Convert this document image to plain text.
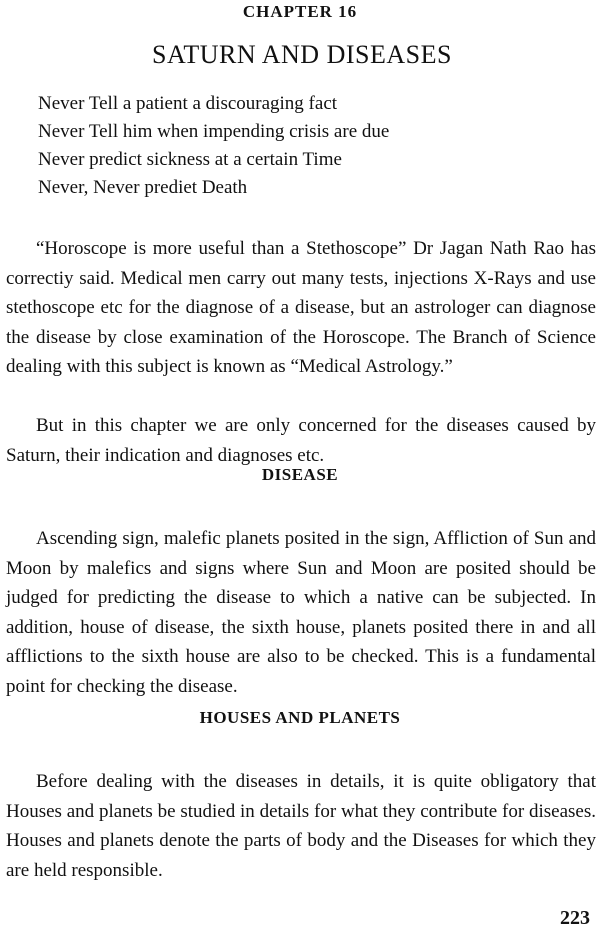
CHAPTER 16
SATURN AND DISEASES
Never Tell a patient a discouraging fact
Never Tell him when impending crisis are due
Never predict sickness at a certain Time
Never, Never prediet Death

“Horoscope is more useful than a Stethoscope” Dr Jagan Nath Rao has correctiy said. Medical men carry out many tests, injections X-Rays and use stethoscope etc for the diagnose of a disease, but an astrologer can diagnose the disease by close examination of the Horoscope. The Branch of Science dealing with this subject is known as “Medical Astrology.”

But in this chapter we are only concerned for the diseases caused by Saturn, their indication and diagnoses etc.

DISEASE

Ascending sign, malefic planets posited in the sign, Affliction of Sun and Moon by malefics and signs where Sun and Moon are posited should be judged for predicting the disease to which a native can be subjected. In addition, house of disease, the sixth house, planets posited there in and all afflictions to the sixth house are also to be checked. This is a fundamental point for checking the disease.

HOUSES AND PLANETS

Before dealing with the diseases in details, it is quite obligatory that Houses and planets be studied in details for what they contribute for diseases. Houses and planets denote the parts of body and the Diseases for which they are held responsible.

223
